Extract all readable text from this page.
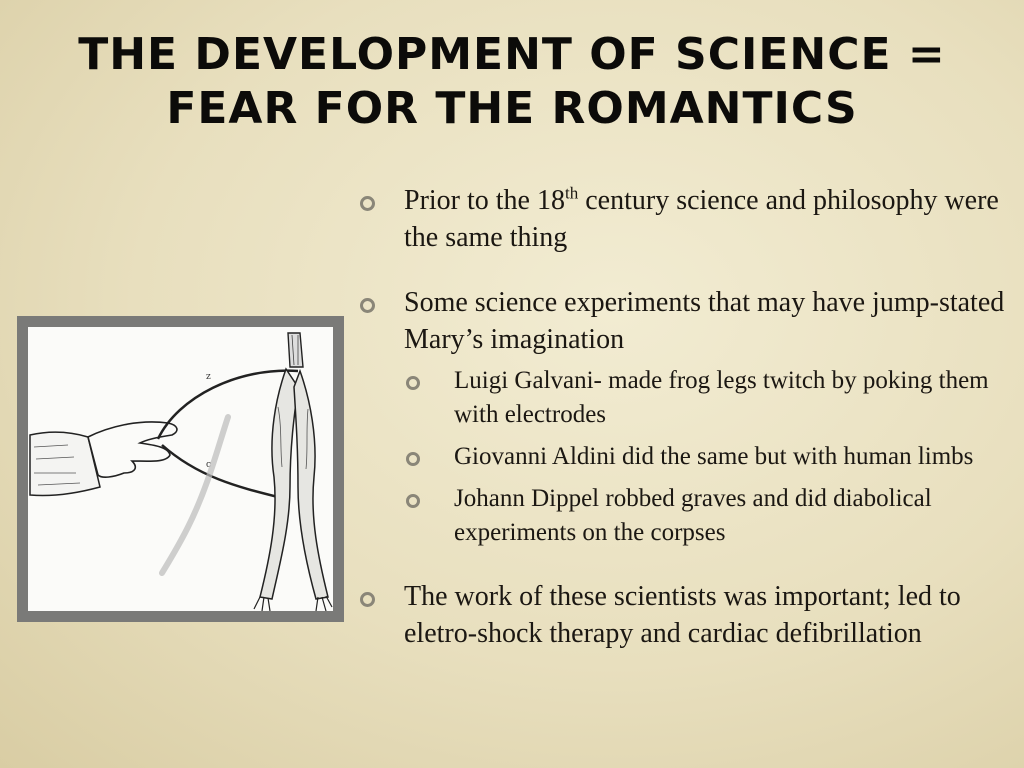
THE DEVELOPMENT OF SCIENCE =
FEAR FOR THE ROMANTICS
z
c
Prior to the 18th century science and philosophy were the same thing
Some science experiments that may have jump-stated Mary’s imagination
Luigi Galvani- made frog legs twitch by poking them with electrodes
Giovanni Aldini did the same but with human limbs
Johann Dippel robbed graves and did diabolical experiments on the corpses
The work of these scientists was important; led to eletro-shock therapy and cardiac defibrillation
